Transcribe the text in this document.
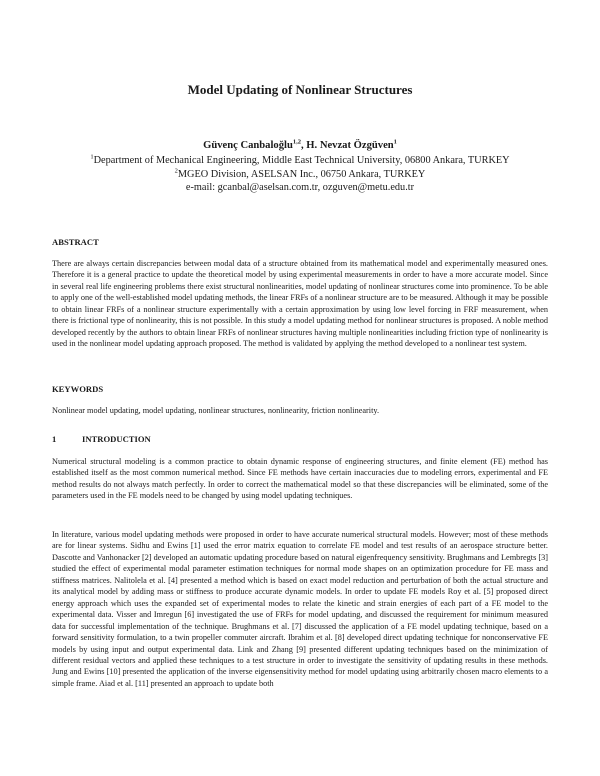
Model Updating of Nonlinear Structures
Güvenç Canbaloğlu$^{1,2}$, H. Nevzat Özgüven$^1$
$^1$Department of Mechanical Engineering, Middle East Technical University, 06800 Ankara, TURKEY
$^2$MGEO Division, ASELSAN Inc., 06750 Ankara, TURKEY
e-mail: gcanbal@aselsan.com.tr, ozguven@metu.edu.tr
ABSTRACT
There are always certain discrepancies between modal data of a structure obtained from its mathematical model and experimentally measured ones. Therefore it is a general practice to update the theoretical model by using experimental measurements in order to have a more accurate model. Since in several real life engineering problems there exist structural nonlinearities, model updating of nonlinear structures come into prominence. To be able to apply one of the well-established model updating methods, the linear FRFs of a nonlinear structure are to be measured. Although it may be possible to obtain linear FRFs of a nonlinear structure experimentally with a certain approximation by using low level forcing in FRF measurement, when there is frictional type of nonlinearity, this is not possible. In this study a model updating method for nonlinear structures is proposed. A noble method developed recently by the authors to obtain linear FRFs of nonlinear structures having multiple nonlinearities including friction type of nonlinearity is used in the nonlinear model updating approach proposed. The method is validated by applying the method developed to a nonlinear test system.
KEYWORDS
Nonlinear model updating, model updating, nonlinear structures, nonlinearity, friction nonlinearity.
1	INTRODUCTION
Numerical structural modeling is a common practice to obtain dynamic response of engineering structures, and finite element (FE) method has established itself as the most common numerical method. Since FE methods have certain inaccuracies due to modeling errors, experimental and FE method results do not always match perfectly. In order to correct the mathematical model so that these discrepancies will be eliminated, some of the parameters used in the FE models need to be changed by using model updating techniques.
In literature, various model updating methods were proposed in order to have accurate numerical structural models. However; most of these methods are for linear systems. Sidhu and Ewins [1] used the error matrix equation to correlate FE model and test results of an aerospace structure better. Dascotte and Vanhonacker [2] developed an automatic updating procedure based on natural eigenfrequency sensitivity. Brughmans and Lembregts [3] studied the effect of experimental modal parameter estimation techniques for normal mode shapes on an optimization procedure for FE mass and stiffness matrices. Nalitolela et al. [4] presented a method which is based on exact model reduction and perturbation of both the actual structure and its analytical model by adding mass or stiffness to produce accurate dynamic models. In order to update FE models Roy et al. [5] proposed direct energy approach which uses the expanded set of experimental modes to relate the kinetic and strain energies of each part of a FE model to the experimental data. Visser and Imregun [6] investigated the use of FRFs for model updating, and discussed the requirement for minimum measured data for successful implementation of the technique. Brughmans et al. [7] discussed the application of a FE model updating technique, based on a forward sensitivity formulation, to a twin propeller commuter aircraft. Ibrahim et al. [8] developed direct updating technique for nonconservative FE models by using input and output experimental data. Link and Zhang [9] presented different updating techniques based on the minimization of different residual vectors and applied these techniques to a test structure in order to investigate the sensitivity of updating results in these methods. Jung and Ewins [10] presented the application of the inverse eigensensitivity method for model updating using arbitrarily chosen macro elements to a simple frame. Aiad et al. [11] presented an approach to update both
